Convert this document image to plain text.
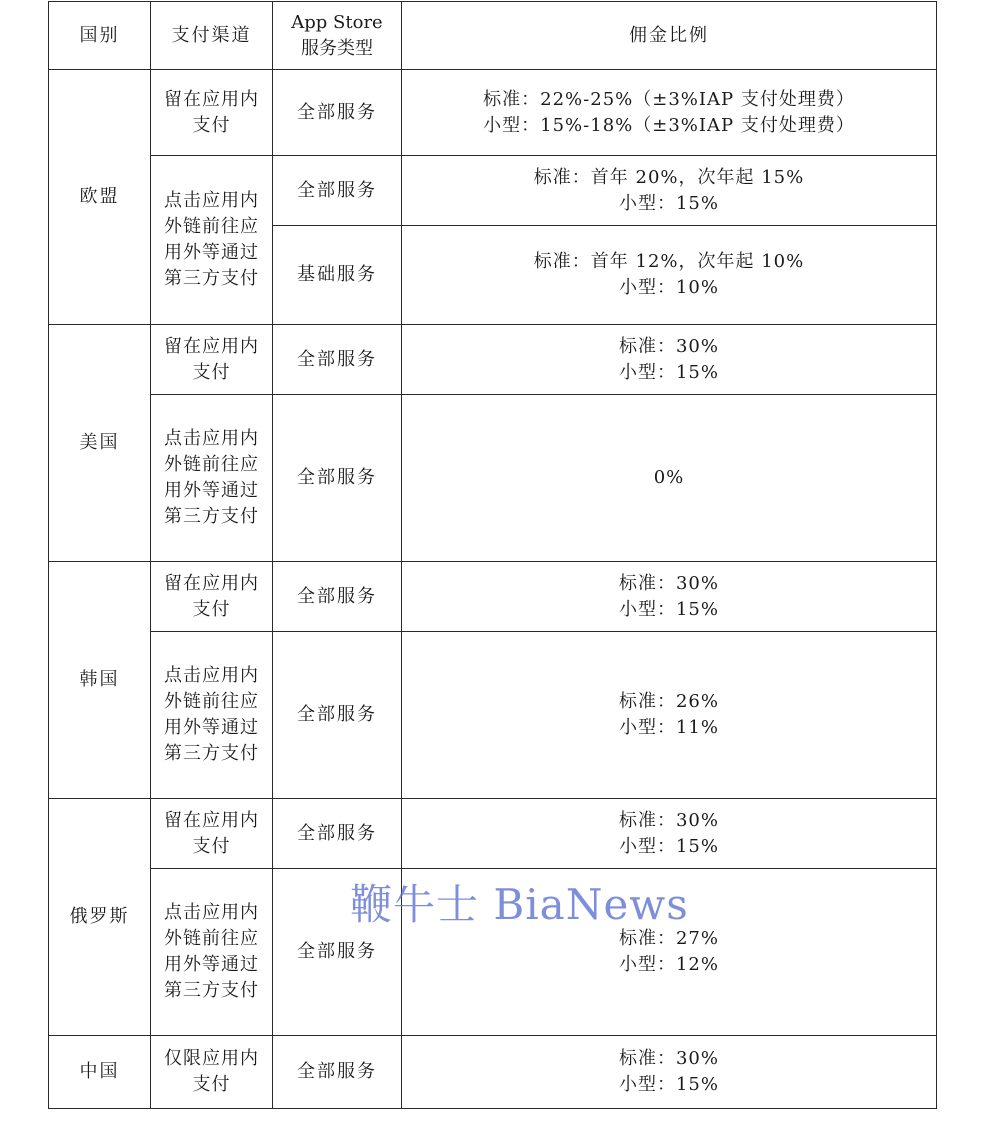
国别	支付渠道	App Store 服务类型	佣金比例
欧盟	留在应用内
支付	全部服务	标准：22%-25%（±3%IAP 支付处理费）
小型：15%-18%（±3%IAP 支付处理费）

	点击应用内
外链前往应
用外等通过
第三方支付	全部服务	标准：首年 20%，次年起 15%
小型：15%

		基础服务	标准：首年 12%，次年起 10%
小型：10%

美国	留在应用内
支付	全部服务	标准：30%
小型：15%

	点击应用内
外链前往应
用外等通过
第三方支付	全部服务	0%

韩国	留在应用内
支付	全部服务	标准：30%
小型：15%

	点击应用内
外链前往应
用外等通过
第三方支付	全部服务	标准：26%
小型：11%

俄罗斯	留在应用内
支付	全部服务	标准：30%
小型：15%

	点击应用内
外链前往应
用外等通过
第三方支付	全部服务	标准：27%
小型：12%

中国	仅限应用内
支付	全部服务	标准：30%
小型：15%
鞭牛士 BiaNews
